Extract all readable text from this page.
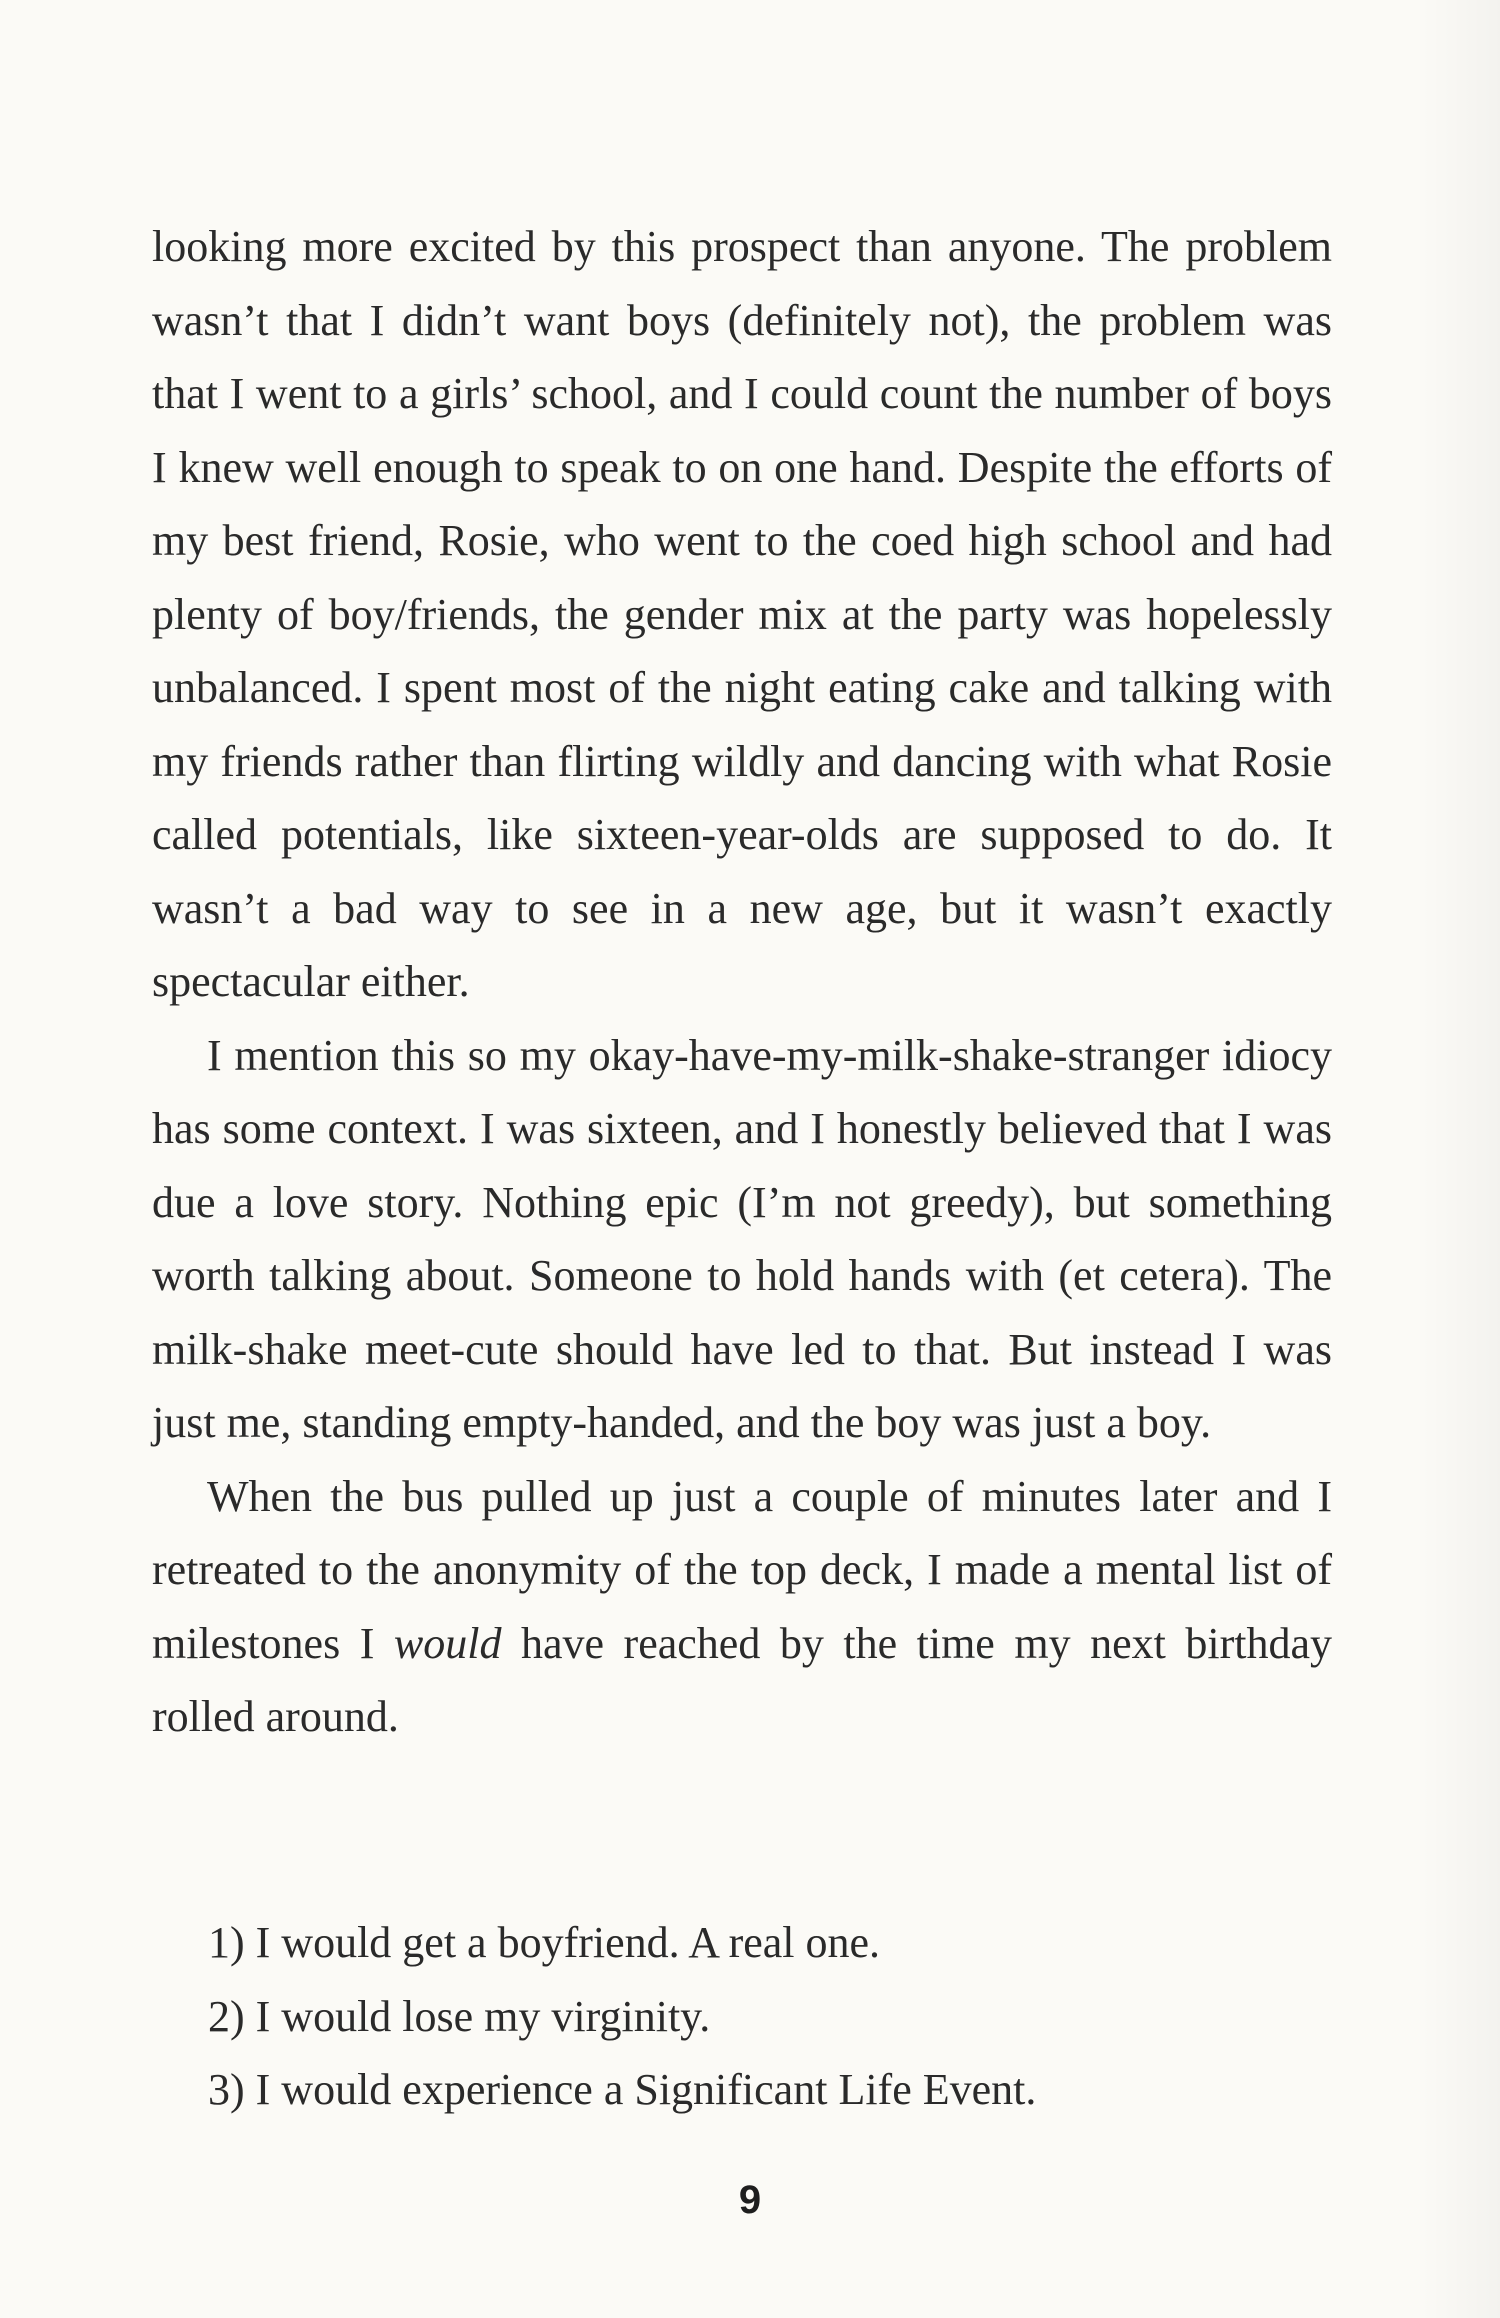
looking more excited by this prospect than anyone. The problem wasn’t that I didn’t want boys (definitely not), the problem was that I went to a girls’ school, and I could count the number of boys I knew well enough to speak to on one hand. Despite the efforts of my best friend, Rosie, who went to the coed high school and had plenty of boy/friends, the gender mix at the party was hopelessly unbalanced. I spent most of the night eating cake and talking with my friends rather than flirting wildly and dancing with what Rosie called potentials, like sixteen-year-olds are supposed to do. It wasn’t a bad way to see in a new age, but it wasn’t exactly spectacular either.

I mention this so my okay-have-my-milk-shake-stranger idiocy has some context. I was sixteen, and I honestly believed that I was due a love story. Nothing epic (I’m not greedy), but something worth talking about. Someone to hold hands with (et cetera). The milk-shake meet-cute should have led to that. But instead I was just me, standing empty-handed, and the boy was just a boy.

When the bus pulled up just a couple of minutes later and I retreated to the anonymity of the top deck, I made a mental list of milestones I would have reached by the time my next birthday rolled around.

1) I would get a boyfriend. A real one.
2) I would lose my virginity.
3) I would experience a Significant Life Event.
9
